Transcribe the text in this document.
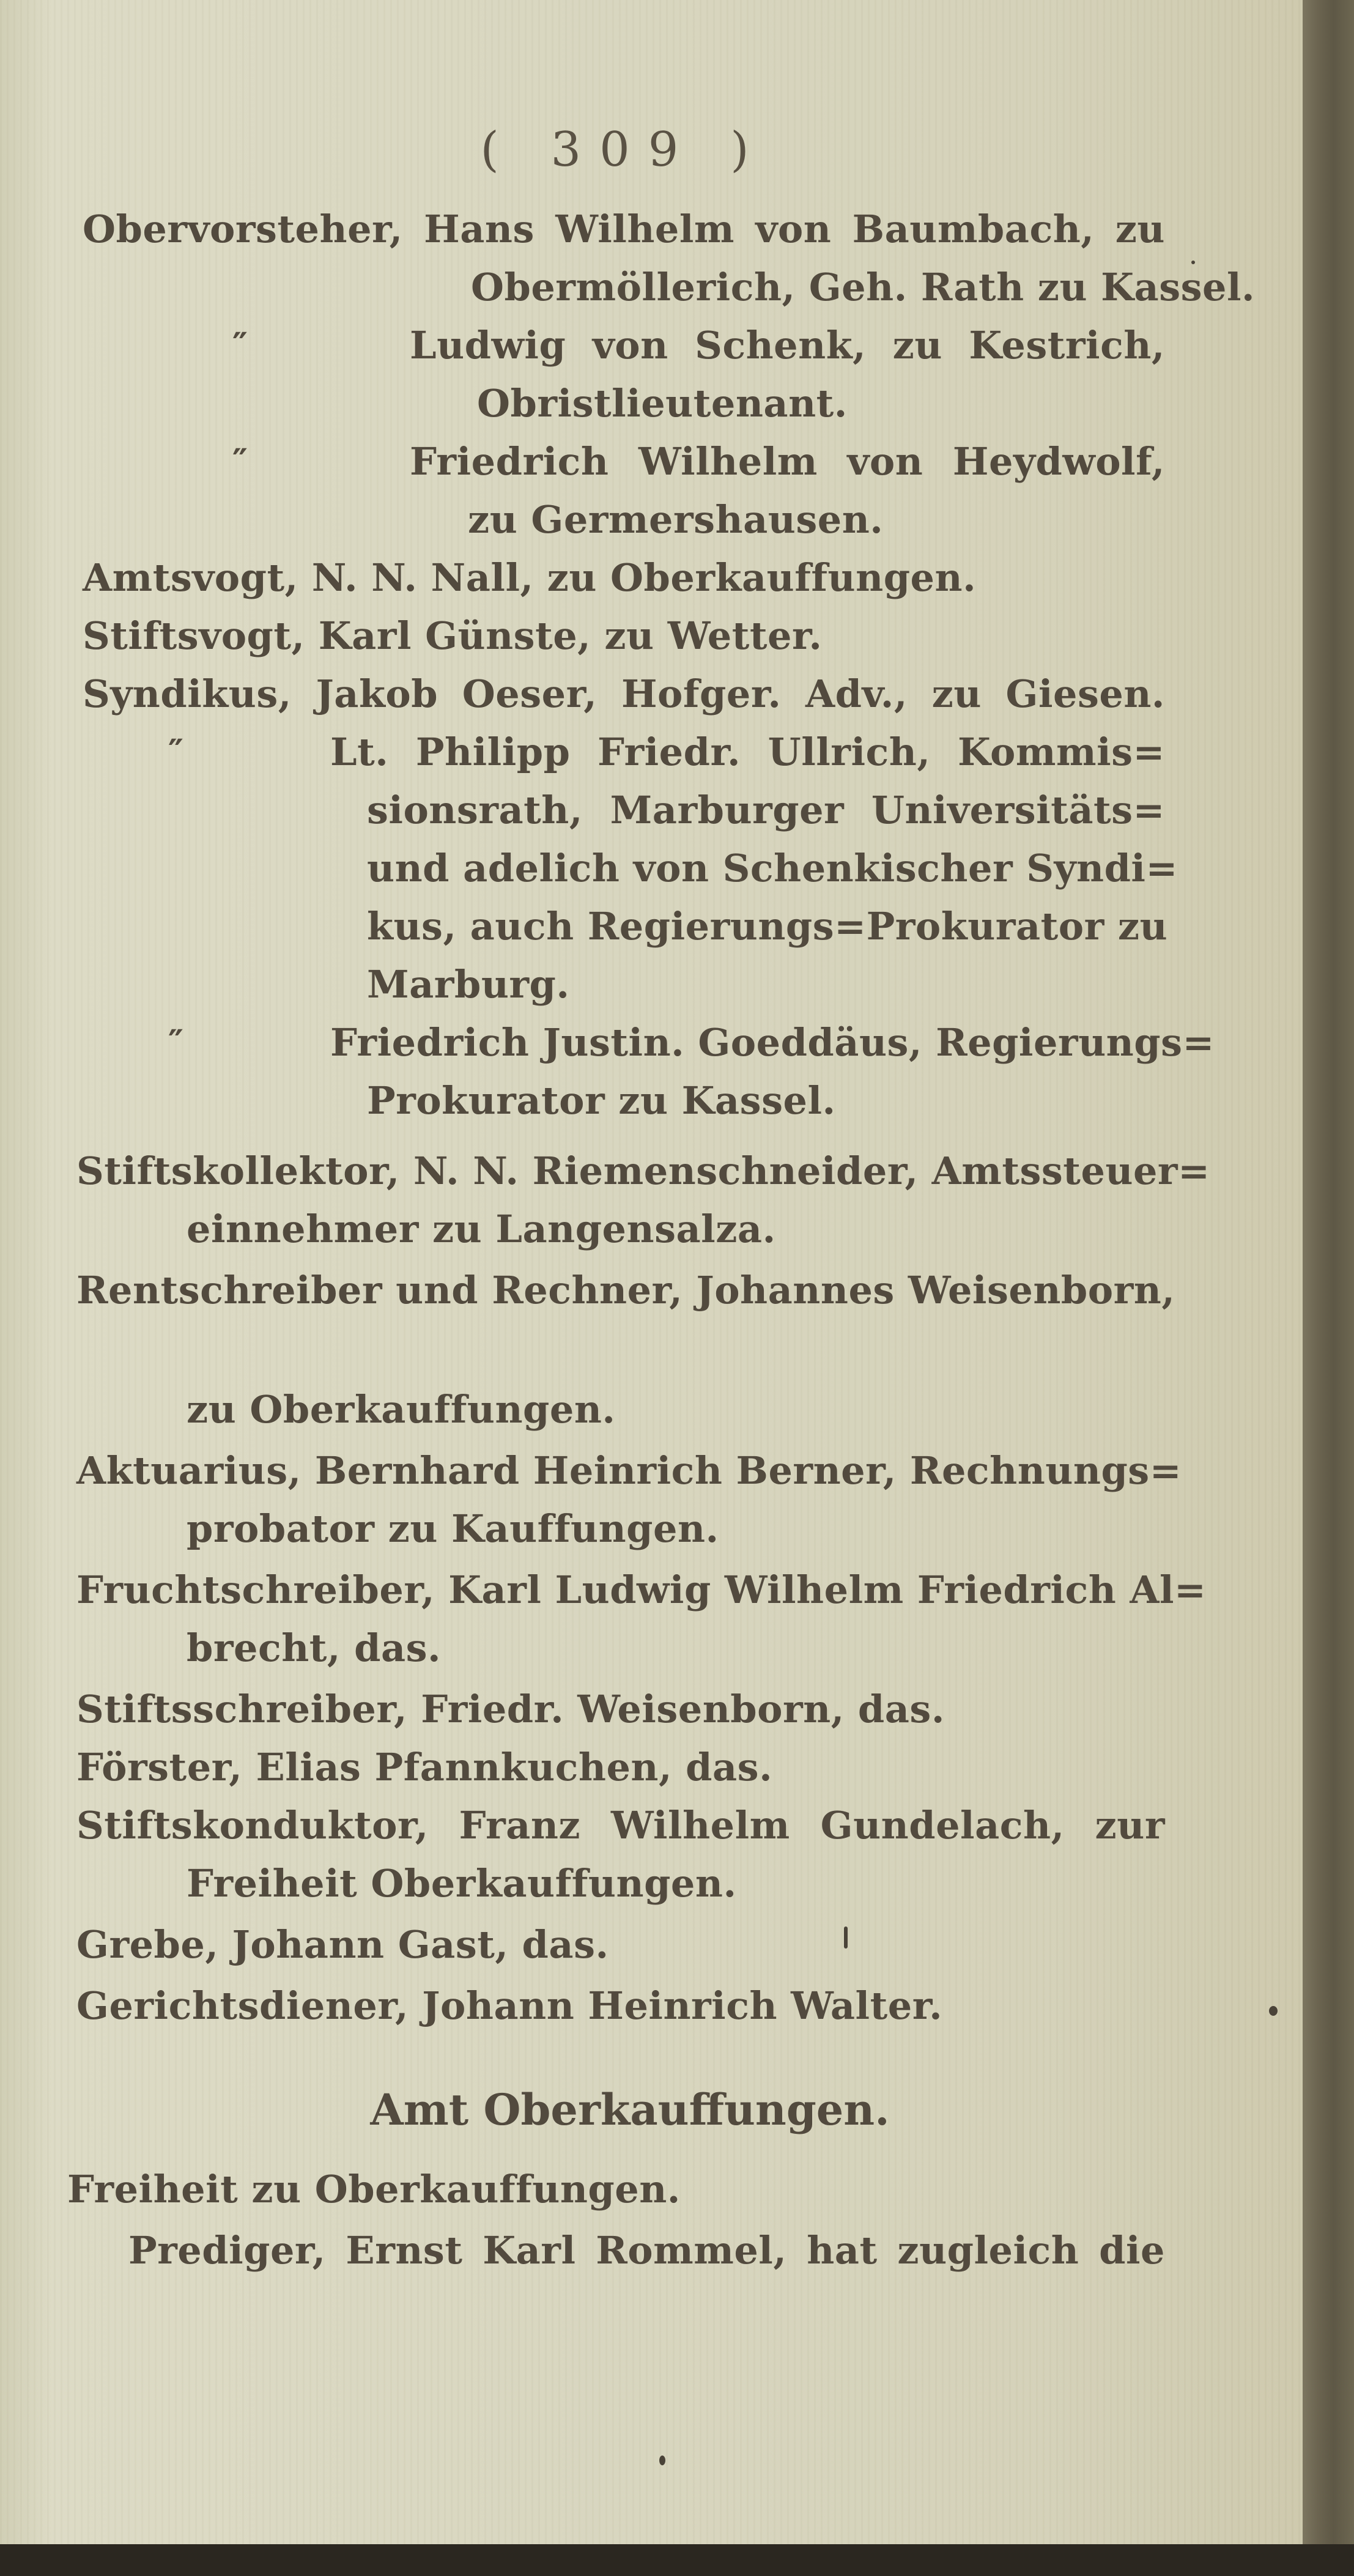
( 309 )
Obervorsteher, Hans Wilhelm von Baumbach, zu
Obermöllerich, Geh. Rath zu Kassel.
″	Ludwig von Schenk, zu Kestrich,
Obristlieutenant.
″	Friedrich Wilhelm von Heydwolf,
zu Germershausen.
Amtsvogt, N. N. Nall, zu Oberkauffungen.
Stiftsvogt, Karl Günste, zu Wetter.
Syndikus, Jakob Oeser, Hofger. Adv., zu Giesen.
″	Lt. Philipp Friedr. Ullrich, Kommis=
sionsrath, Marburger Universitäts=
und adelich von Schenkischer Syndi=
kus, auch Regierungs=Prokurator zu
Marburg.
″	Friedrich Justin. Goeddäus, Regierungs=
Prokurator zu Kassel.
Stiftskollektor, N. N. Riemenschneider, Amtssteuer=
einnehmer zu Langensalza.
Rentschreiber und Rechner, Johannes Weisenborn,
zu Oberkauffungen.
Aktuarius, Bernhard Heinrich Berner, Rechnungs=
probator zu Kauffungen.
Fruchtschreiber, Karl Ludwig Wilhelm Friedrich Al=
brecht, das.
Stiftsschreiber, Friedr. Weisenborn, das.
Förster, Elias Pfannkuchen, das.
Stiftskonduktor, Franz Wilhelm Gundelach, zur
Freiheit Oberkauffungen.
Grebe, Johann Gast, das.
Gerichtsdiener, Johann Heinrich Walter.
Amt Oberkauffungen.
Freiheit zu Oberkauffungen.
Prediger, Ernst Karl Rommel, hat zugleich die
